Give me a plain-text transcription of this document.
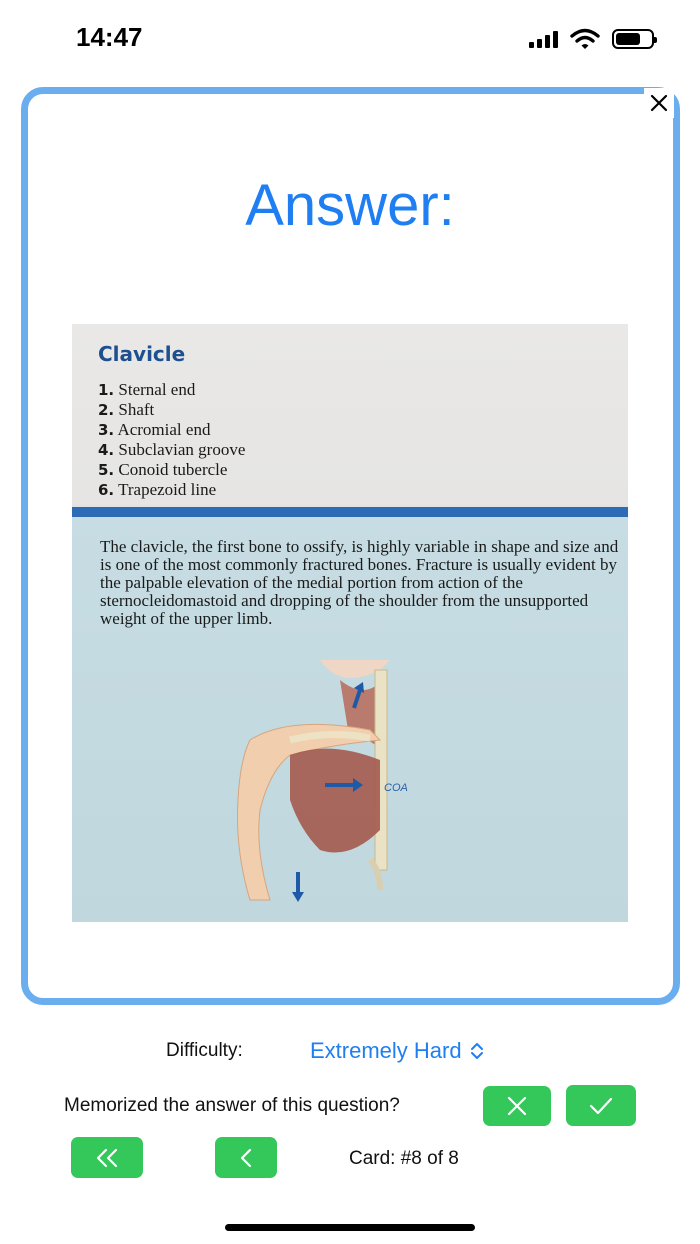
14:47
Answer:
Clavicle
1. Sternal end
2. Shaft
3. Acromial end
4. Subclavian groove
5. Conoid tubercle
6. Trapezoid line
The clavicle, the first bone to ossify, is highly variable in shape and size and is one of the most commonly fractured bones. Fracture is usually evident by the palpable elevation of the medial portion from action of the sternocleidomastoid and dropping of the shoulder from the unsupported weight of the upper limb.
COA
Difficulty:	Extremely Hard
Memorized the answer of this question?
Card: #8 of 8
